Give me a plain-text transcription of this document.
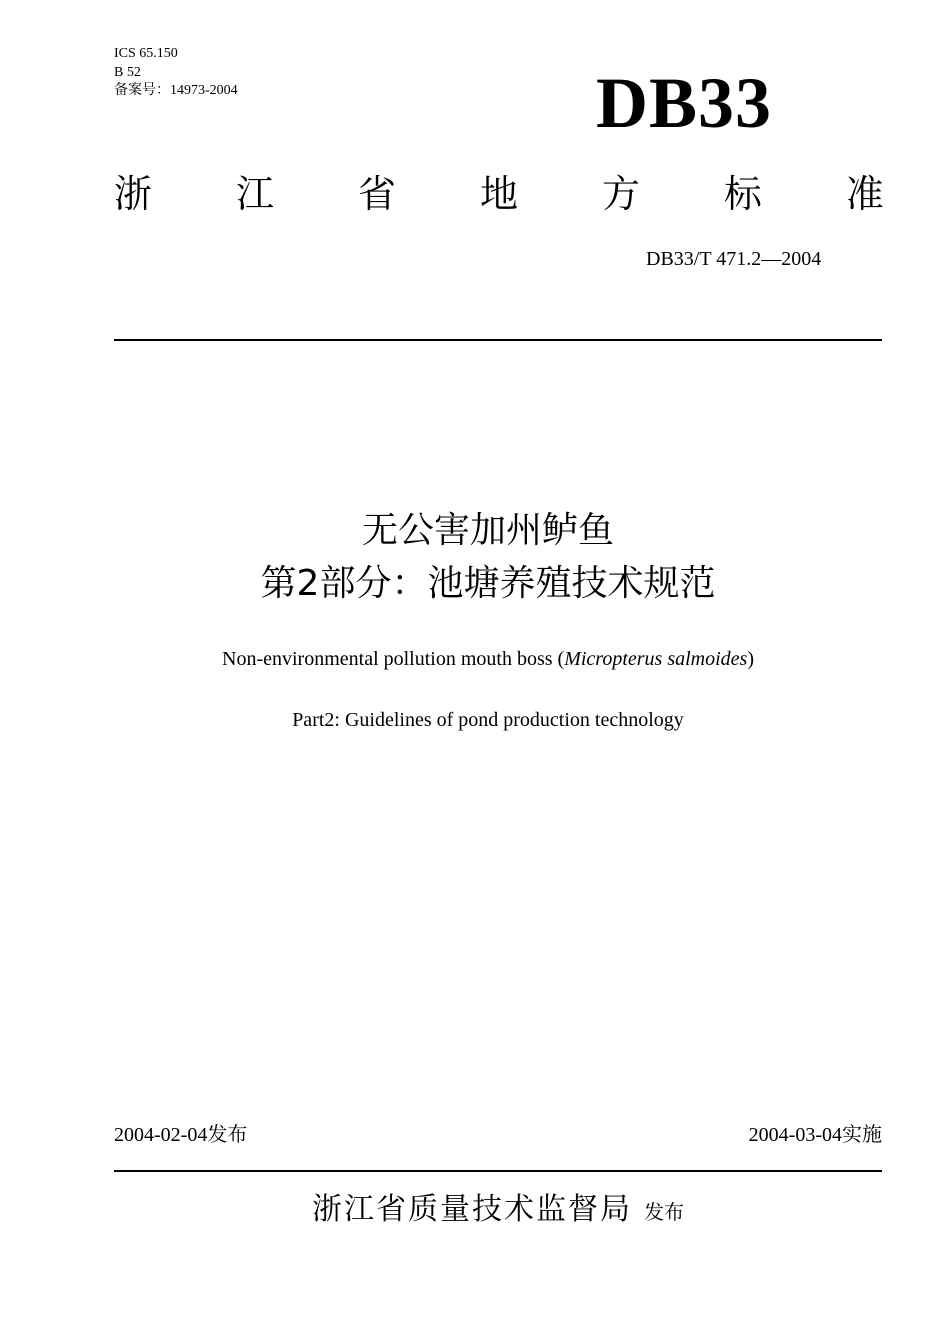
ICS 65.150
B 52
备案号：14973-2004	DB33
浙 江 省 地 方 标 准
DB33/T 471.2—2004
无公害加州鲈鱼
第2部分：池塘养殖技术规范
Non-environmental pollution mouth boss (Micropterus salmoides)
Part2: Guidelines of pond production technology
2004-02-04发布	2004-03-04实施
浙江省质量技术监督局 发布
